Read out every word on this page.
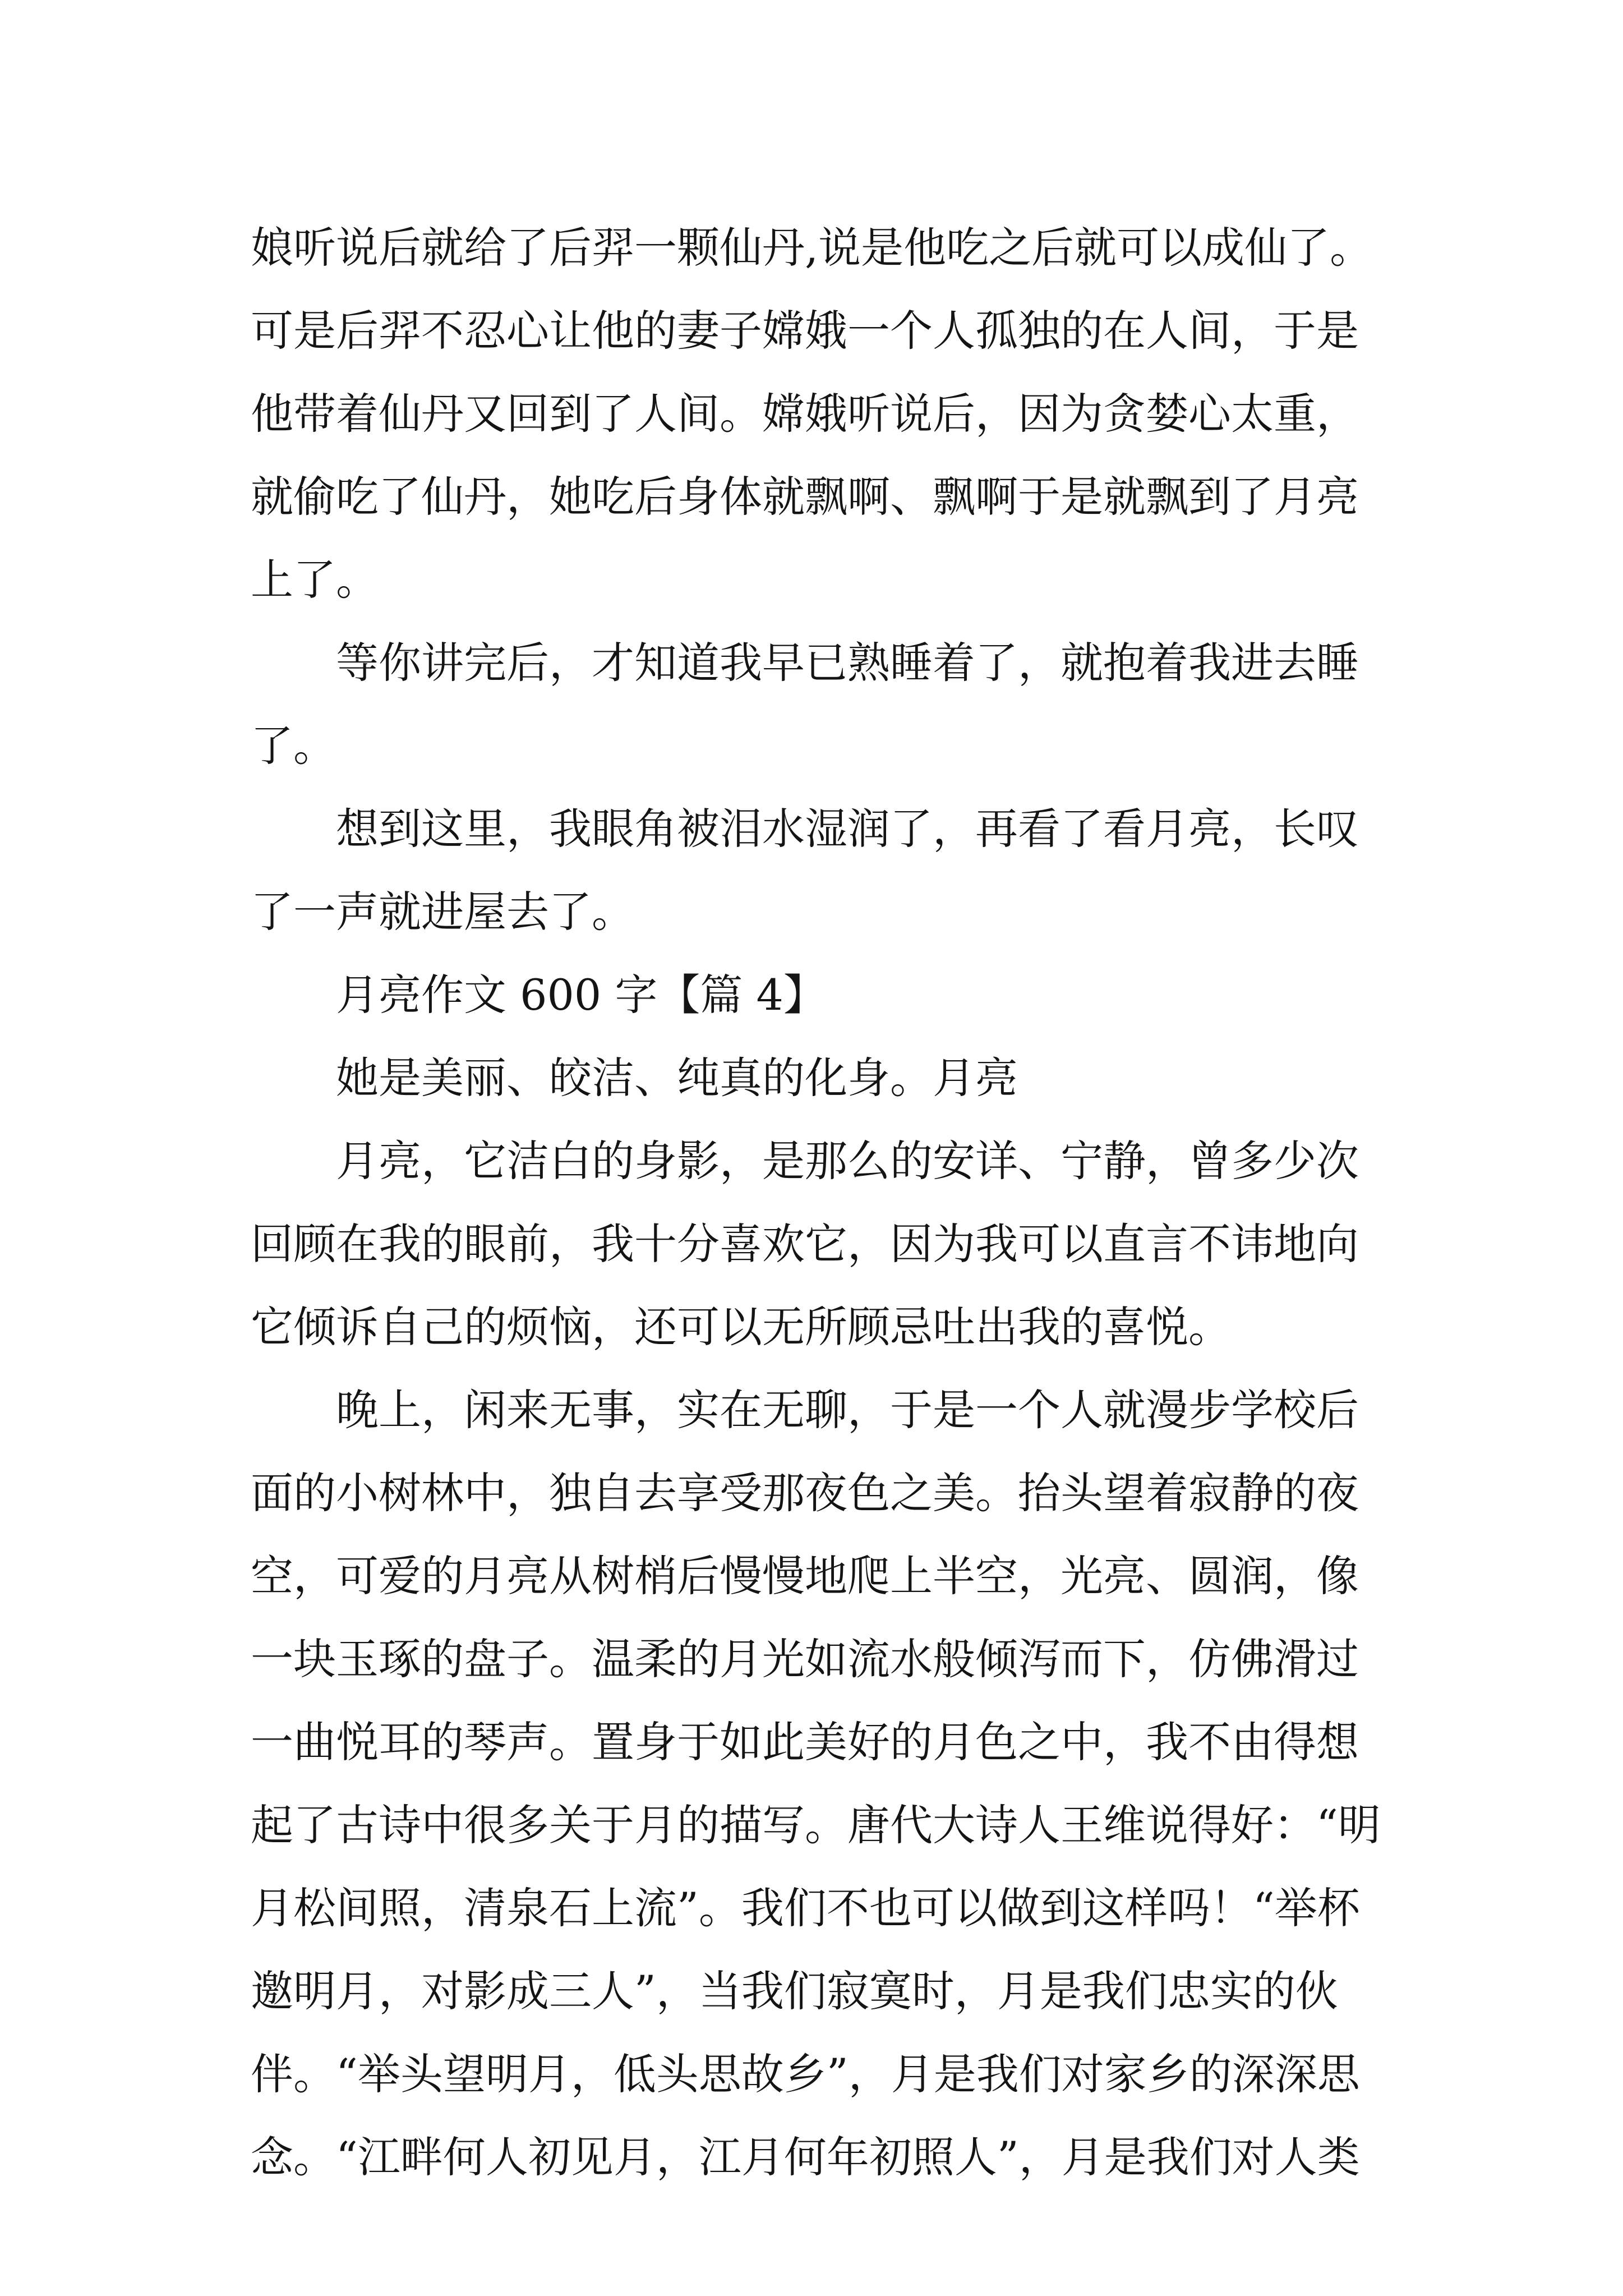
娘听说后就给了后羿一颗仙丹,说是他吃之后就可以成仙了。
可是后羿不忍心让他的妻子嫦娥一个人孤独的在人间，于是
他带着仙丹又回到了人间。嫦娥听说后，因为贪婪心太重，
就偷吃了仙丹，她吃后身体就飘啊、飘啊于是就飘到了月亮
上了。
等你讲完后，才知道我早已熟睡着了，就抱着我进去睡
了。
想到这里，我眼角被泪水湿润了，再看了看月亮，长叹
了一声就进屋去了。
月亮作文 600 字【篇 4】
她是美丽、皎洁、纯真的化身。月亮
月亮，它洁白的身影，是那么的安详、宁静，曾多少次
回顾在我的眼前，我十分喜欢它，因为我可以直言不讳地向
它倾诉自己的烦恼，还可以无所顾忌吐出我的喜悦。
晚上，闲来无事，实在无聊，于是一个人就漫步学校后
面的小树林中，独自去享受那夜色之美。抬头望着寂静的夜
空，可爱的月亮从树梢后慢慢地爬上半空，光亮、圆润，像
一块玉琢的盘子。温柔的月光如流水般倾泻而下，仿佛滑过
一曲悦耳的琴声。置身于如此美好的月色之中，我不由得想
起了古诗中很多关于月的描写。唐代大诗人王维说得好：“明
月松间照，清泉石上流”。我们不也可以做到这样吗！“举杯
邀明月，对影成三人”，当我们寂寞时，月是我们忠实的伙
伴。“举头望明月，低头思故乡”，月是我们对家乡的深深思
念。“江畔何人初见月，江月何年初照人”，月是我们对人类
